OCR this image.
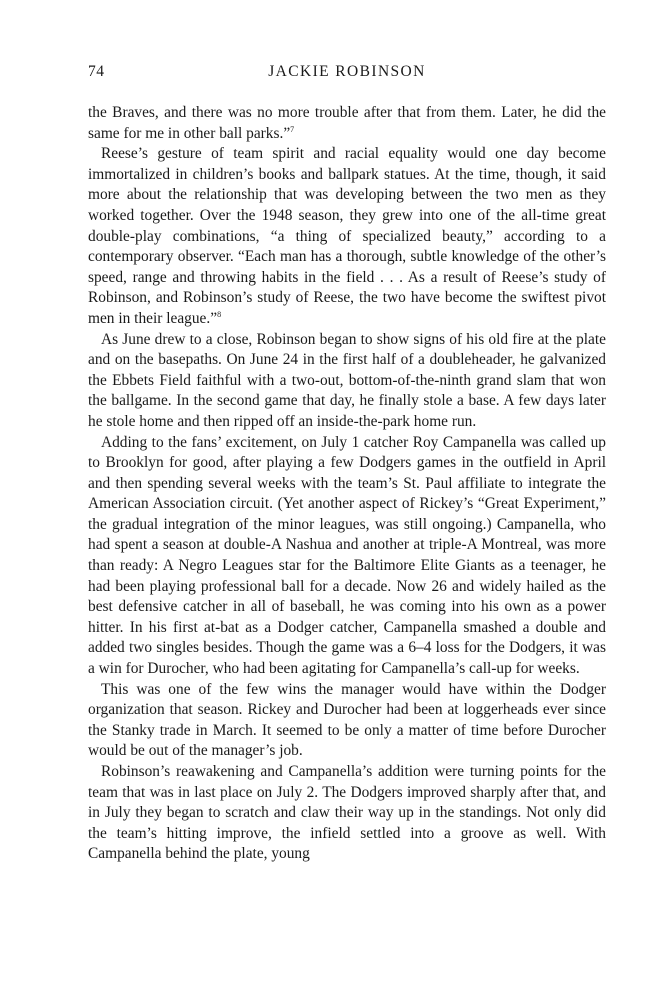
74	JACKIE ROBINSON

the Braves, and there was no more trouble after that from them. Later, he did the same for me in other ball parks.”$^7$

Reese’s gesture of team spirit and racial equality would one day become immortalized in children’s books and ballpark statues. At the time, though, it said more about the relationship that was developing between the two men as they worked together. Over the 1948 season, they grew into one of the all-time great double-play combinations, “a thing of specialized beauty,” according to a contemporary observer. “Each man has a thorough, subtle knowledge of the other’s speed, range and throwing habits in the field . . . As a result of Reese’s study of Robinson, and Robinson’s study of Reese, the two have become the swiftest pivot men in their league.”$^8$

As June drew to a close, Robinson began to show signs of his old fire at the plate and on the basepaths. On June 24 in the first half of a doubleheader, he galvanized the Ebbets Field faithful with a two-out, bottom-of-the-ninth grand slam that won the ballgame. In the second game that day, he finally stole a base. A few days later he stole home and then ripped off an inside-the-park home run.

Adding to the fans’ excitement, on July 1 catcher Roy Campanella was called up to Brooklyn for good, after playing a few Dodgers games in the outfield in April and then spending several weeks with the team’s St. Paul affiliate to integrate the American Association circuit. (Yet another aspect of Rickey’s “Great Experiment,” the gradual integration of the minor leagues, was still ongoing.) Campanella, who had spent a season at double-A Nashua and another at triple-A Montreal, was more than ready: A Negro Leagues star for the Baltimore Elite Giants as a teenager, he had been playing professional ball for a decade. Now 26 and widely hailed as the best defensive catcher in all of baseball, he was coming into his own as a power hitter. In his first at-bat as a Dodger catcher, Campanella smashed a double and added two singles besides. Though the game was a 6–4 loss for the Dodgers, it was a win for Durocher, who had been agitating for Campanella’s call-up for weeks.

This was one of the few wins the manager would have within the Dodger organization that season. Rickey and Durocher had been at loggerheads ever since the Stanky trade in March. It seemed to be only a matter of time before Durocher would be out of the manager’s job.

Robinson’s reawakening and Campanella’s addition were turning points for the team that was in last place on July 2. The Dodgers improved sharply after that, and in July they began to scratch and claw their way up in the standings. Not only did the team’s hitting improve, the infield settled into a groove as well. With Campanella behind the plate, young
